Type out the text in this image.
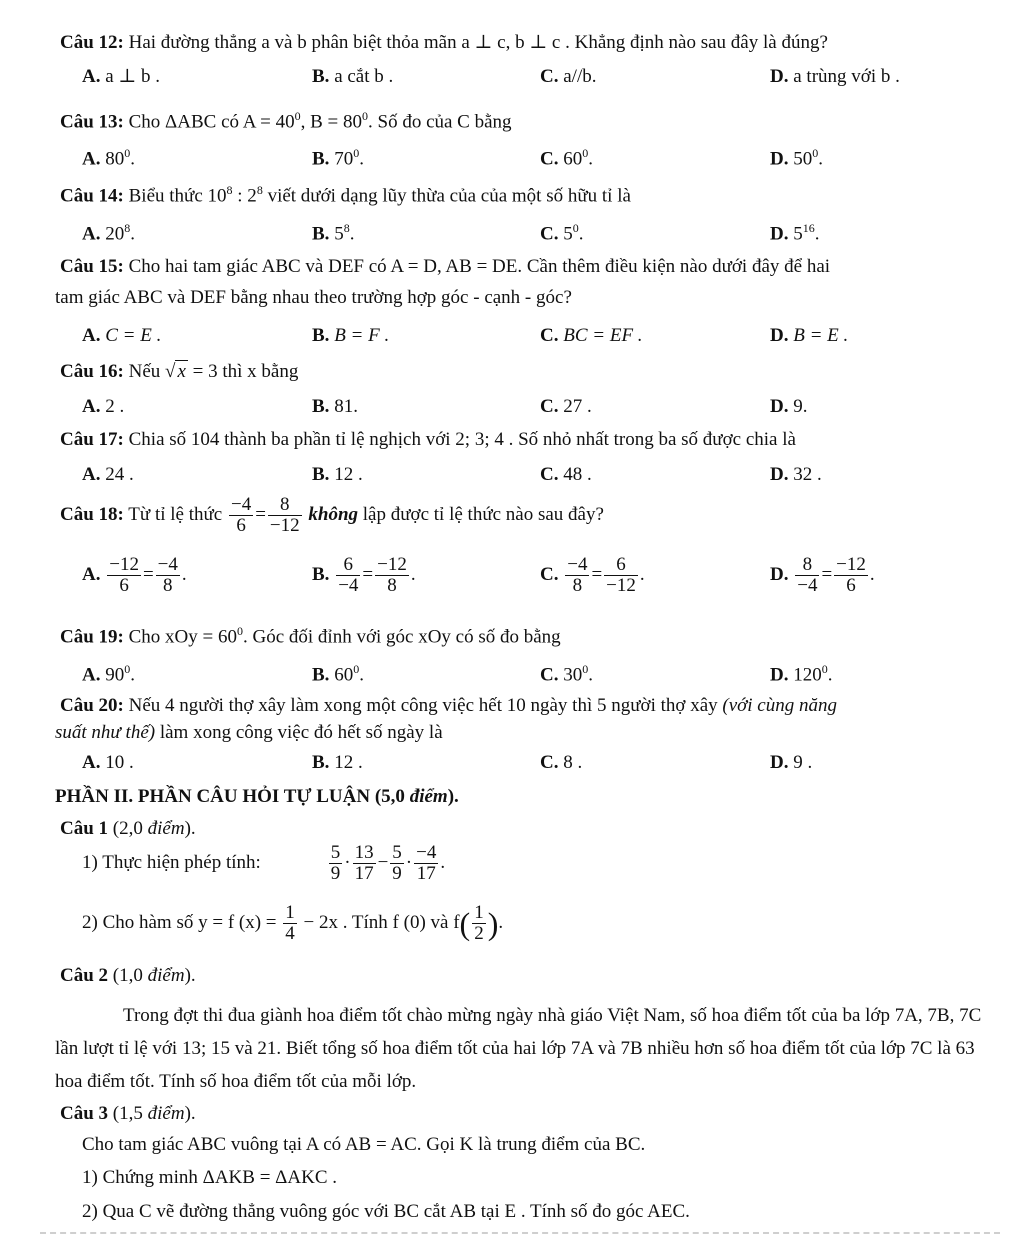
Câu 12: Hai đường thẳng a và b phân biệt thỏa mãn a ⊥ c, b ⊥ c . Khẳng định nào sau đây là đúng?
A. a ⊥ b .	B. a cắt b .	C. a//b.	D. a trùng với b .
Câu 13: Cho ΔABC có $A = 40^0$, $B = 80^0$. Số đo của C bằng
A. $80^0$.	B. $70^0$.	C. $60^0$.	D. $50^0$.
Câu 14: Biểu thức $10^8$ : $2^8$ viết dưới dạng lũy thừa của của một số hữu tỉ là
A. $20^8$.	B. $5^8$.	C. $5^0$.	D. $5^{16}$.
Câu 15: Cho hai tam giác ABC và DEF có A = D, AB = DE. Cần thêm điều kiện nào dưới đây để hai
tam giác ABC và DEF bằng nhau theo trường hợp góc - cạnh - góc?
A. C = E .	B. B = F .	C. BC = EF .	D. B = E .
Câu 16: Nếu √ x = 3 thì x bằng
A. 2 .	B. 81.	C. 27 .	D. 9.
Câu 17: Chia số 104 thành ba phần tỉ lệ nghịch với 2; 3; 4 . Số nhỏ nhất trong ba số được chia là
A. 24 .	B. 12 .	C. 48 .	D. 32 .
Câu 18: Từ tỉ lệ thức $\frac{-4}{6} = \frac{8}{-12}$ không lập được tỉ lệ thức nào sau đây?
A. $\frac{-12}{6} = \frac{-4}{8}$ .	B. $\frac{6}{-4} = \frac{-12}{8}$ .	C. $\frac{-4}{8} = \frac{6}{-12}$ .	D. $\frac{8}{-4} = \frac{-12}{6}$ .
Câu 19: Cho xOy = $60^0$. Góc đối đỉnh với góc xOy có số đo bằng
A. $90^0$.	B. $60^0$.	C. $30^0$.	D. $120^0$.
Câu 20: Nếu 4 người thợ xây làm xong một công việc hết 10 ngày thì 5 người thợ xây (với cùng năng
suất như thế) làm xong công việc đó hết số ngày là
A. 10 .	B. 12 .	C. 8 .	D. 9 .
PHẦN II. PHẦN CÂU HỎI TỰ LUẬN (5,0 điểm).
Câu 1 (2,0 điểm).
1) Thực hiện phép tính:	$\frac{5}{9} \cdot \frac{13}{17} - \frac{5}{9} \cdot \frac{-4}{17}$ .
2) Cho hàm số y = f $(x) = \frac{1}{4} - 2x$ . Tính f (0) và $f( \frac{1}{2}$ ).
Câu 2 (1,0 điểm).
Trong đợt thi đua giành hoa điểm tốt chào mừng ngày nhà giáo Việt Nam, số hoa điểm tốt của ba lớp 7A, 7B, 7C lần lượt tỉ lệ với 13; 15 và 21. Biết tổng số hoa điểm tốt của hai lớp 7A và 7B nhiều hơn số hoa điểm tốt của lớp 7C là 63 hoa điểm tốt. Tính số hoa điểm tốt của mỗi lớp.
Câu 3 (1,5 điểm).
Cho tam giác ABC vuông tại A có AB = AC. Gọi K là trung điểm của BC.
1) Chứng minh ΔAKB = ΔAKC .
2) Qua C vẽ đường thẳng vuông góc với BC cắt AB tại E . Tính số đo góc AEC.
